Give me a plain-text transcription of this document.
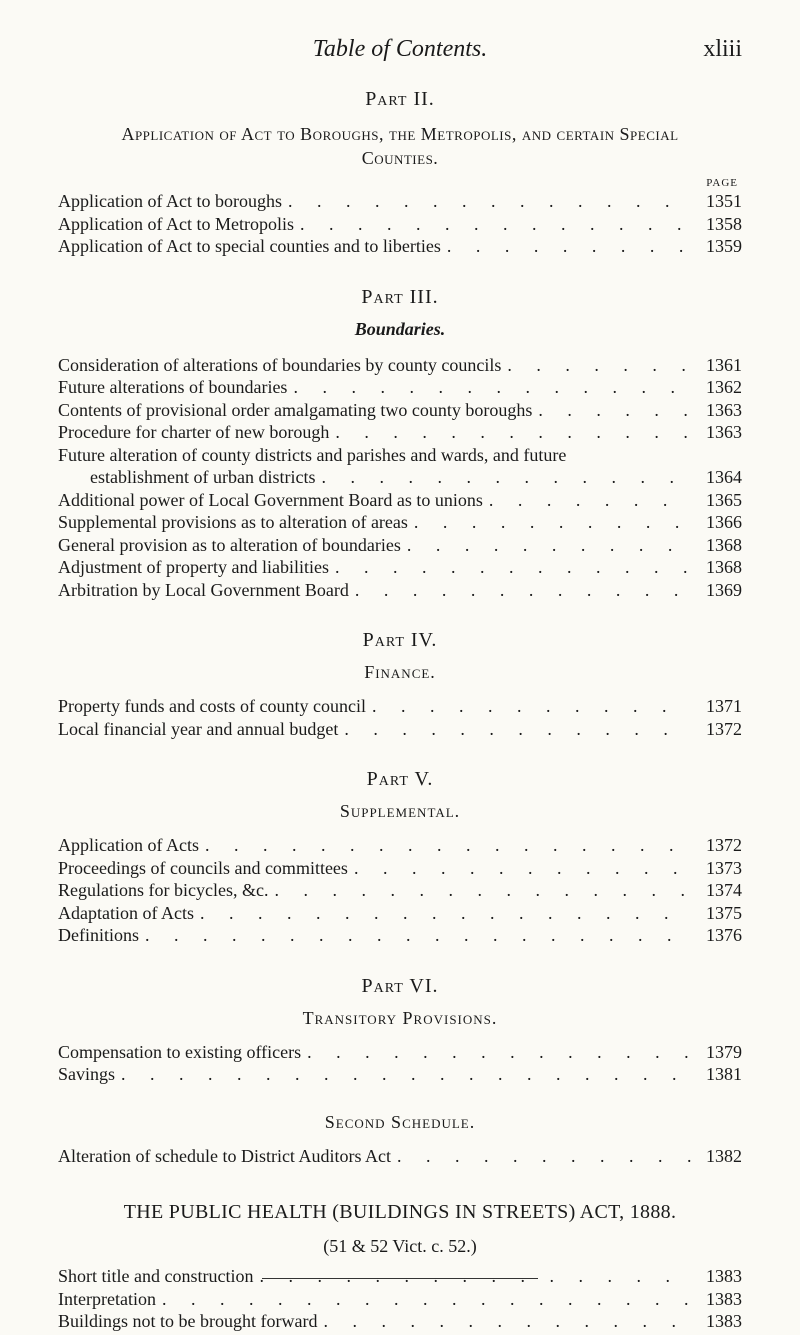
Table of Contents.	xliii

Part II.

Application of Act to Boroughs, the Metropolis, and certain Special

Counties.

PAGE

Application of Act to boroughs . . .	1351
Application of Act to Metropolis . . .	1358
Application of Act to special counties and to liberties . . .	1359

Part III.

Boundaries.

Consideration of alterations of boundaries by county councils . . .	1361
Future alterations of boundaries . . .	1362
Contents of provisional order amalgamating two county boroughs . . .	1363
Procedure for charter of new borough . . .	1363
Future alteration of county districts and parishes and wards, and future
establishment of urban districts . . .	1364
Additional power of Local Government Board as to unions . . .	1365
Supplemental provisions as to alteration of areas . . .	1366
General provision as to alteration of boundaries . . .	1368
Adjustment of property and liabilities . . .	1368
Arbitration by Local Government Board . . .	1369

Part IV.

Finance.

Property funds and costs of county council . . .	1371
Local financial year and annual budget . . .	1372

Part V.

Supplemental.

Application of Acts . . .	1372
Proceedings of councils and committees . . .	1373
Regulations for bicycles, &c. . . .	1374
Adaptation of Acts . . .	1375
Definitions . . .	1376

Part VI.

Transitory Provisions.

Compensation to existing officers . . .	1379
Savings . . .	1381

Second Schedule.

Alteration of schedule to District Auditors Act . . .	1382

THE PUBLIC HEALTH (BUILDINGS IN STREETS) ACT, 1888.

(51 & 52 Vict. c. 52.)

Short title and construction . . .	1383
Interpretation . . .	1383
Buildings not to be brought forward . . .	1383
